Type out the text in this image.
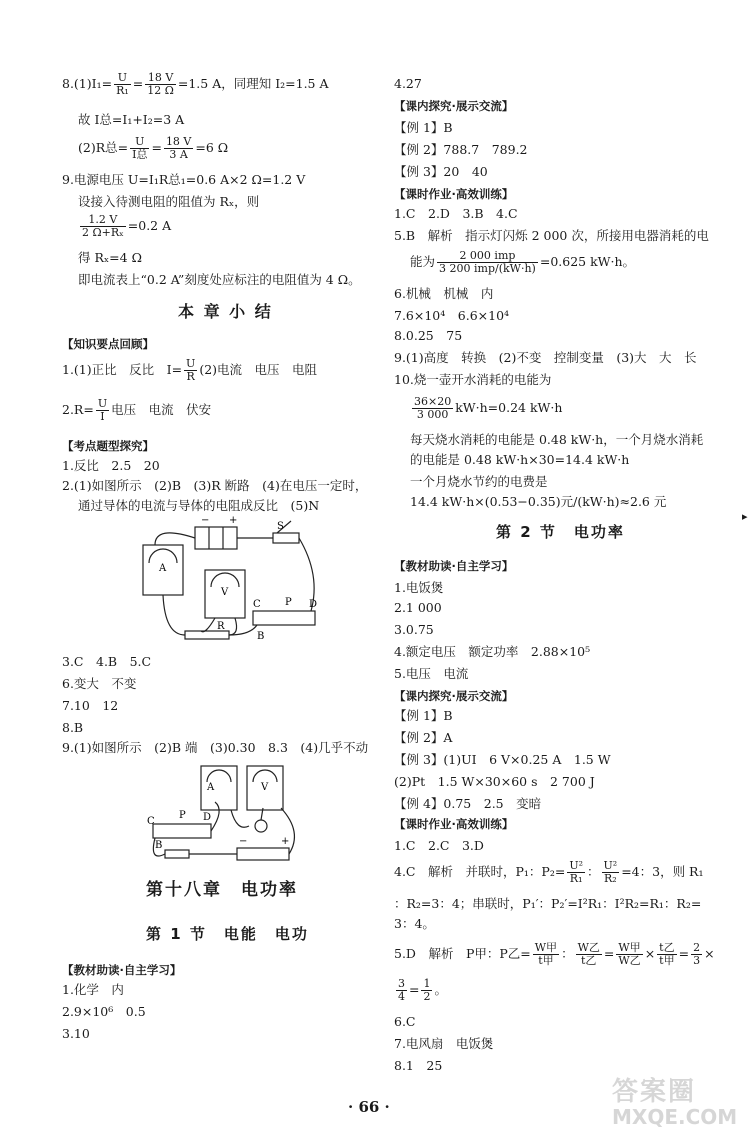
$8.(1)I_1= \frac{U}{\text{R₁}} = \frac{18 V}{12 \Omega} =1.5$ A，同理知 I₂=1.5 A
故 I总=I₁+I₂=3 A
(2)R总= $\frac{U}{\text{I总}} = \frac{18 V}{3 A} =6$ Ω
9.电源电压 U=I₁R总₁=0.6 A×2 Ω=1.2 V
设接入待测电阻的阻值为 Rₓ，则
$\frac{1.2 V}{\text{2 Ω+Rₓ}} =0.2$ A
得 Rₓ=4 Ω
即电流表上“0.2 A”刻度处应标注的电阻值为 4 Ω。
本 章 小 结
【知识要点回顾】
1.(1)正比　反比　$I= \frac{U}{R} (2)$电流　电压　电阻
$2.R= \frac{U}{I}$ 电压　电流　伏安
【考点题型探究】
1.反比　2.5　20
2.(1)如图所示　(2)B　(3)R 断路　(4)在电压一定时，
通过导体的电流与导体的电阻成反比　(5)N
3.C　4.B　5.C
6.变大　不变
7.10　12
8.B
9.(1)如图所示　(2)B 端　(3)0.30　8.3　(4)几乎不动
第十八章　电功率
第 1 节　电能　电功
【教材助读·自主学习】
1.化学　内
2.9×10⁶　0.5
3.10
− +
S
A
V
C P D
B
R
A	V
C
P D
B	−	+
4.27
【课内探究·展示交流】
【例 1】B
【例 2】788.7　789.2
【例 3】20　40
【课时作业·高效训练】
1.C　2.D　3.B　4.C
5.B　解析　指示灯闪烁 2 000 次，所接用电器消耗的电
能为 $\frac{\text{2 000 imp}}{\text{3 200 imp/(kW·h)}} =0.625$ kW·h。
6.机械　机械　内
7.6×10⁴　6.6×10⁴
8.0.25　75
9.(1)高度　转换　(2)不变　控制变量　(3)大　大　长
10.烧一壶开水消耗的电能为
$\frac{36\times 20}{3 000} kW\cdot h=0.24$ kW·h
每天烧水消耗的电能是 0.48 kW·h，一个月烧水消耗
的电能是 0.48 kW·h×30=14.4 kW·h
一个月烧水节约的电费是
14.4 kW·h×(0.53−0.35)元/(kW·h)≈2.6 元
第 2 节　电功率
【教材助读·自主学习】
1.电饭煲
2.1 000
3.0.75
4.额定电压　额定功率　2.88×10⁵
5.电压　电流
【课内探究·展示交流】
【例 1】B
【例 2】A
【例 3】(1)UI　6 V×0.25 A　1.5 W
(2)Pt　1.5 W×30×60 s　2 700 J
【例 4】0.75　2.5　变暗
【课时作业·高效训练】
1.C　2.C　3.D
4.C　解析　并联时，P₁：$P_2= \frac{\text{U²}}{\text{R₁}}$ ： $\frac{\text{U²}}{\text{R₂}} =4$：3，则 R₁
：R₂=3：4；串联时，P₁′：P₂′=I²R₁：I²R₂=R₁：R₂=
3：4。
5.D　解析　P甲：P乙= $\frac{\text{W甲}}{\text{t甲}}$ ： $\frac{\text{W乙}}{\text{t乙}} = \frac{\text{W甲}}{\text{W乙}} \times \frac{\text{t乙}}{\text{t甲}} = \frac{2}{3}$ ×
$\frac{3}{4} = \frac{1}{2}$ 。
6.C
7.电风扇　电饭煲
8.1　25
▸
· 66 ·	答案圈
MXQE.COM
